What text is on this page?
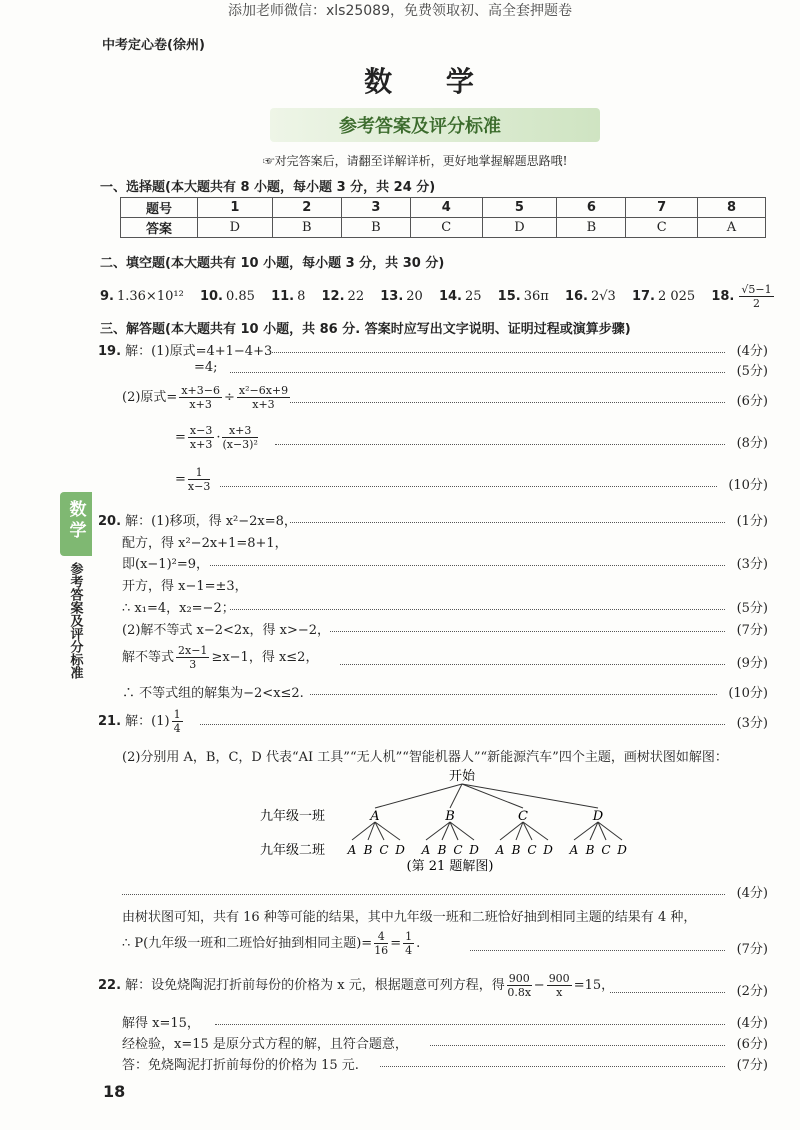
添加老师微信：xls25089，免费领取初、高全套押题卷
中考定心卷(徐州)
数 学
参考答案及评分标准
☞对完答案后，请翻至详解详析，更好地掌握解题思路哦!
一、选择题(本大题共有 8 小题，每小题 3 分，共 24 分)
题号	1	2	3	4	5	6	7	8
答案	D	B	B	C	D	B	C	A
二、填空题(本大题共有 10 小题，每小题 3 分，共 30 分)
9. 1.36×10¹² 10. 0.85 11. 8 12. 22 13. 20 14. 25 15. 36π 16. 2√3 17. 2 025 18. $\frac{√5-1}{2}$
三、解答题(本大题共有 10 小题，共 86 分. 答案时应写出文字说明、证明过程或演算步骤)
19. 解：(1)原式=4+1−4+3	(4分)
=4;	(5分)
(2)原式= $\frac{x+3-6}{x+3} \div \frac{\text{x²−6x+9}}{x+3}$	(6分)
= $\frac{x-3}{x+3} \cdot \frac{x+3}{\text{(x−3)²}}$	(8分)
= $\frac{1}{x-3}$	(10分)
20. 解：(1)移项，得 x²−2x=8，	(1分)
配方，得 x²−2x+1=8+1，
即(x−1)²=9，	(3分)
开方，得 x−1=±3，
∴ x₁=4，x₂=−2；	(5分)
(2)解不等式 x−2<2x，得 x>−2，	(7分)
解不等式 $\frac{2x-1}{3} \ge x-1$，得 x≤2，	(9分)
∴ 不等式组的解集为−2<x≤2.	(10分)
21. 解：$(1) \frac{1}{4}$	(3分)
(2)分别用 A，B，C，D 代表“AI 工具”“无人机”“智能机器人”“新能源汽车”四个主题，画树状图如解图：
开始
九年级一班
九年级二班
A	B	C	D
A B C D A B C D A B C D A B C D
(第 21 题解图)
(4分)
由树状图可知，共有 16 种等可能的结果，其中九年级一班和二班恰好抽到相同主题的结果有 4 种，
∴ P(九年级一班和二班恰好抽到相同主题)= $\frac{4}{16} = \frac{1}{4}$ .	(7分)
22. 解：设免烧陶泥打折前每份的价格为 x 元，根据题意可列方程，得 $\frac{900}{0.8x} - \frac{900}{x} =15$，	(2分)
解得 x=15，	(4分)
经检验，x=15 是原分式方程的解，且符合题意，	(6分)
答：免烧陶泥打折前每份的价格为 15 元.	(7分)
数学
参考答案及评分标准
18
